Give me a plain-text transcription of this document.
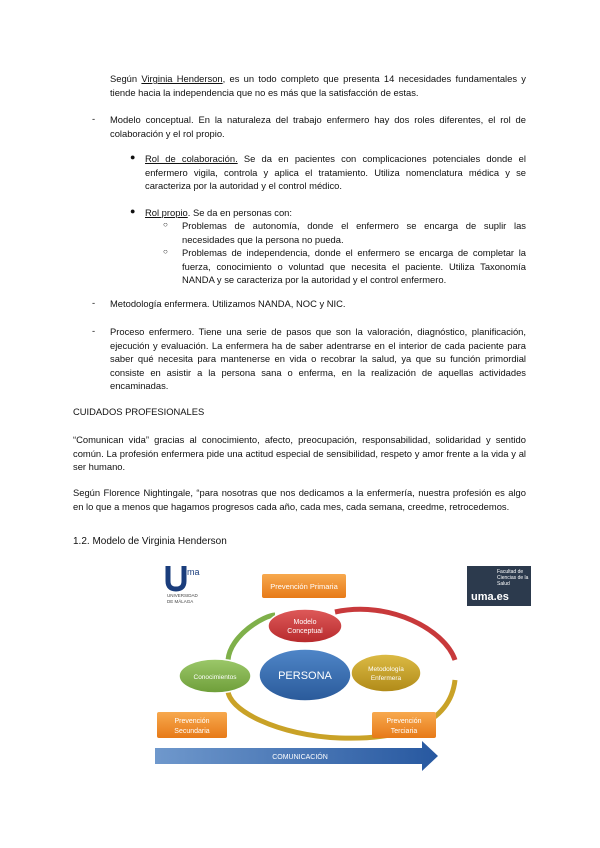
Según Virginia Henderson, es un todo completo que presenta 14 necesidades fundamentales y tiende hacia la independencia que no es más que la satisfacción de estas.
- Modelo conceptual. En la naturaleza del trabajo enfermero hay dos roles diferentes, el rol de colaboración y el rol propio.
● Rol de colaboración. Se da en pacientes con complicaciones potenciales donde el enfermero vigila, controla y aplica el tratamiento. Utiliza nomenclatura médica y se caracteriza por la autoridad y el control médico.
● Rol propio. Se da en personas con:
○ Problemas de autonomía, donde el enfermero se encarga de suplir las necesidades que la persona no pueda.
○ Problemas de independencia, donde el enfermero se encarga de completar la fuerza, conocimiento o voluntad que necesita el paciente. Utiliza Taxonomía NANDA y se caracteriza por la autoridad y el control enfermero.
- Metodología enfermera. Utilizamos NANDA, NOC y NIC.
- Proceso enfermero. Tiene una serie de pasos que son la valoración, diagnóstico, planificación, ejecución y evaluación. La enfermera ha de saber adentrarse en el interior de cada paciente para saber qué necesita para mantenerse en vida o recobrar la salud, ya que su función primordial consiste en asistir a la persona sana o enferma, en la realización de aquellas actividades encaminadas.
CUIDADOS PROFESIONALES
“Comunican vida” gracias al conocimiento, afecto, preocupación, responsabilidad, solidaridad y sentido común. La profesión enfermera pide una actitud especial de sensibilidad, respeto y amor frente a la vida y al ser humano.
Según Florence Nightingale, “para nosotras que nos dedicamos a la enfermería, nuestra profesión es algo en lo que a menos que hagamos progresos cada año, cada mes, cada semana, creedme, retrocedemos.
1.2. Modelo de Virginia Henderson
ma
UNIVERSIDAD
DE MÁLAGA
Facultad de
Ciencias de la
Salud
uma.es
Prevención Primaria
Modelo
Conceptual
PERSONA
Conocimientos
Metodología
Enfermera
Prevención
Secundaria
Prevención
Terciaria
COMUNICACIÓN
